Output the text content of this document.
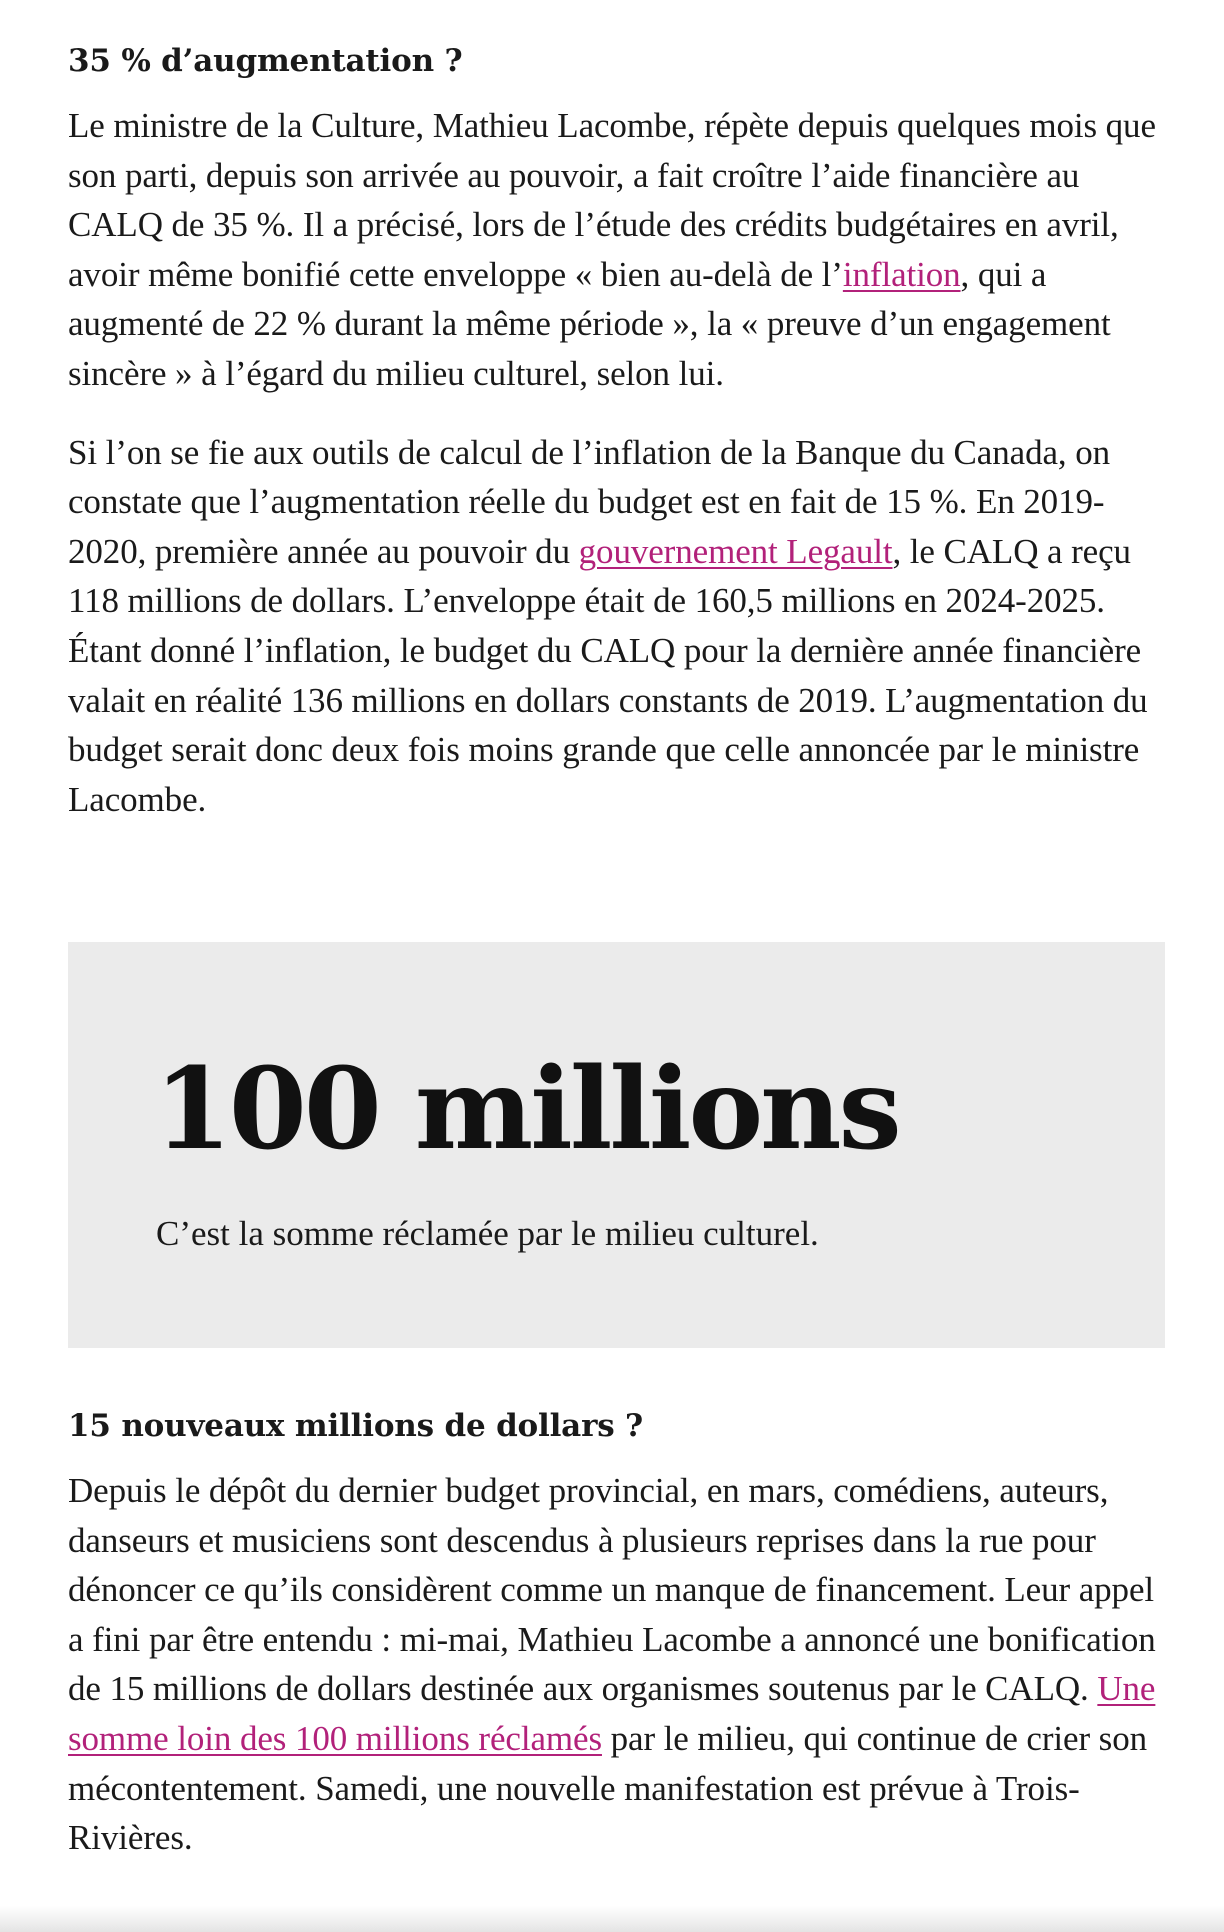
35 % d’augmentation ?

Le ministre de la Culture, Mathieu Lacombe, répète depuis quelques mois que son parti, depuis son arrivée au pouvoir, a fait croître l’aide financière au CALQ de 35 %. Il a précisé, lors de l’étude des crédits budgétaires en avril, avoir même bonifié cette enveloppe « bien au-delà de l’inflation, qui a augmenté de 22 % durant la même période », la « preuve d’un engagement sincère » à l’égard du milieu culturel, selon lui.

Si l’on se fie aux outils de calcul de l’inflation de la Banque du Canada, on constate que l’augmentation réelle du budget est en fait de 15 %. En 2019-2020, première année au pouvoir du gouvernement Legault, le CALQ a reçu 118 millions de dollars. L’enveloppe était de 160,5 millions en 2024-2025. Étant donné l’inflation, le budget du CALQ pour la dernière année financière valait en réalité 136 millions en dollars constants de 2019. L’augmentation du budget serait donc deux fois moins grande que celle annoncée par le ministre Lacombe.

100 millions

C’est la somme réclamée par le milieu culturel.

15 nouveaux millions de dollars ?

Depuis le dépôt du dernier budget provincial, en mars, comédiens, auteurs, danseurs et musiciens sont descendus à plusieurs reprises dans la rue pour dénoncer ce qu’ils considèrent comme un manque de financement. Leur appel a fini par être entendu : mi-mai, Mathieu Lacombe a annoncé une bonification de 15 millions de dollars destinée aux organismes soutenus par le CALQ. Une somme loin des 100 millions réclamés par le milieu, qui continue de crier son mécontentement. Samedi, une nouvelle manifestation est prévue à Trois-Rivières.
